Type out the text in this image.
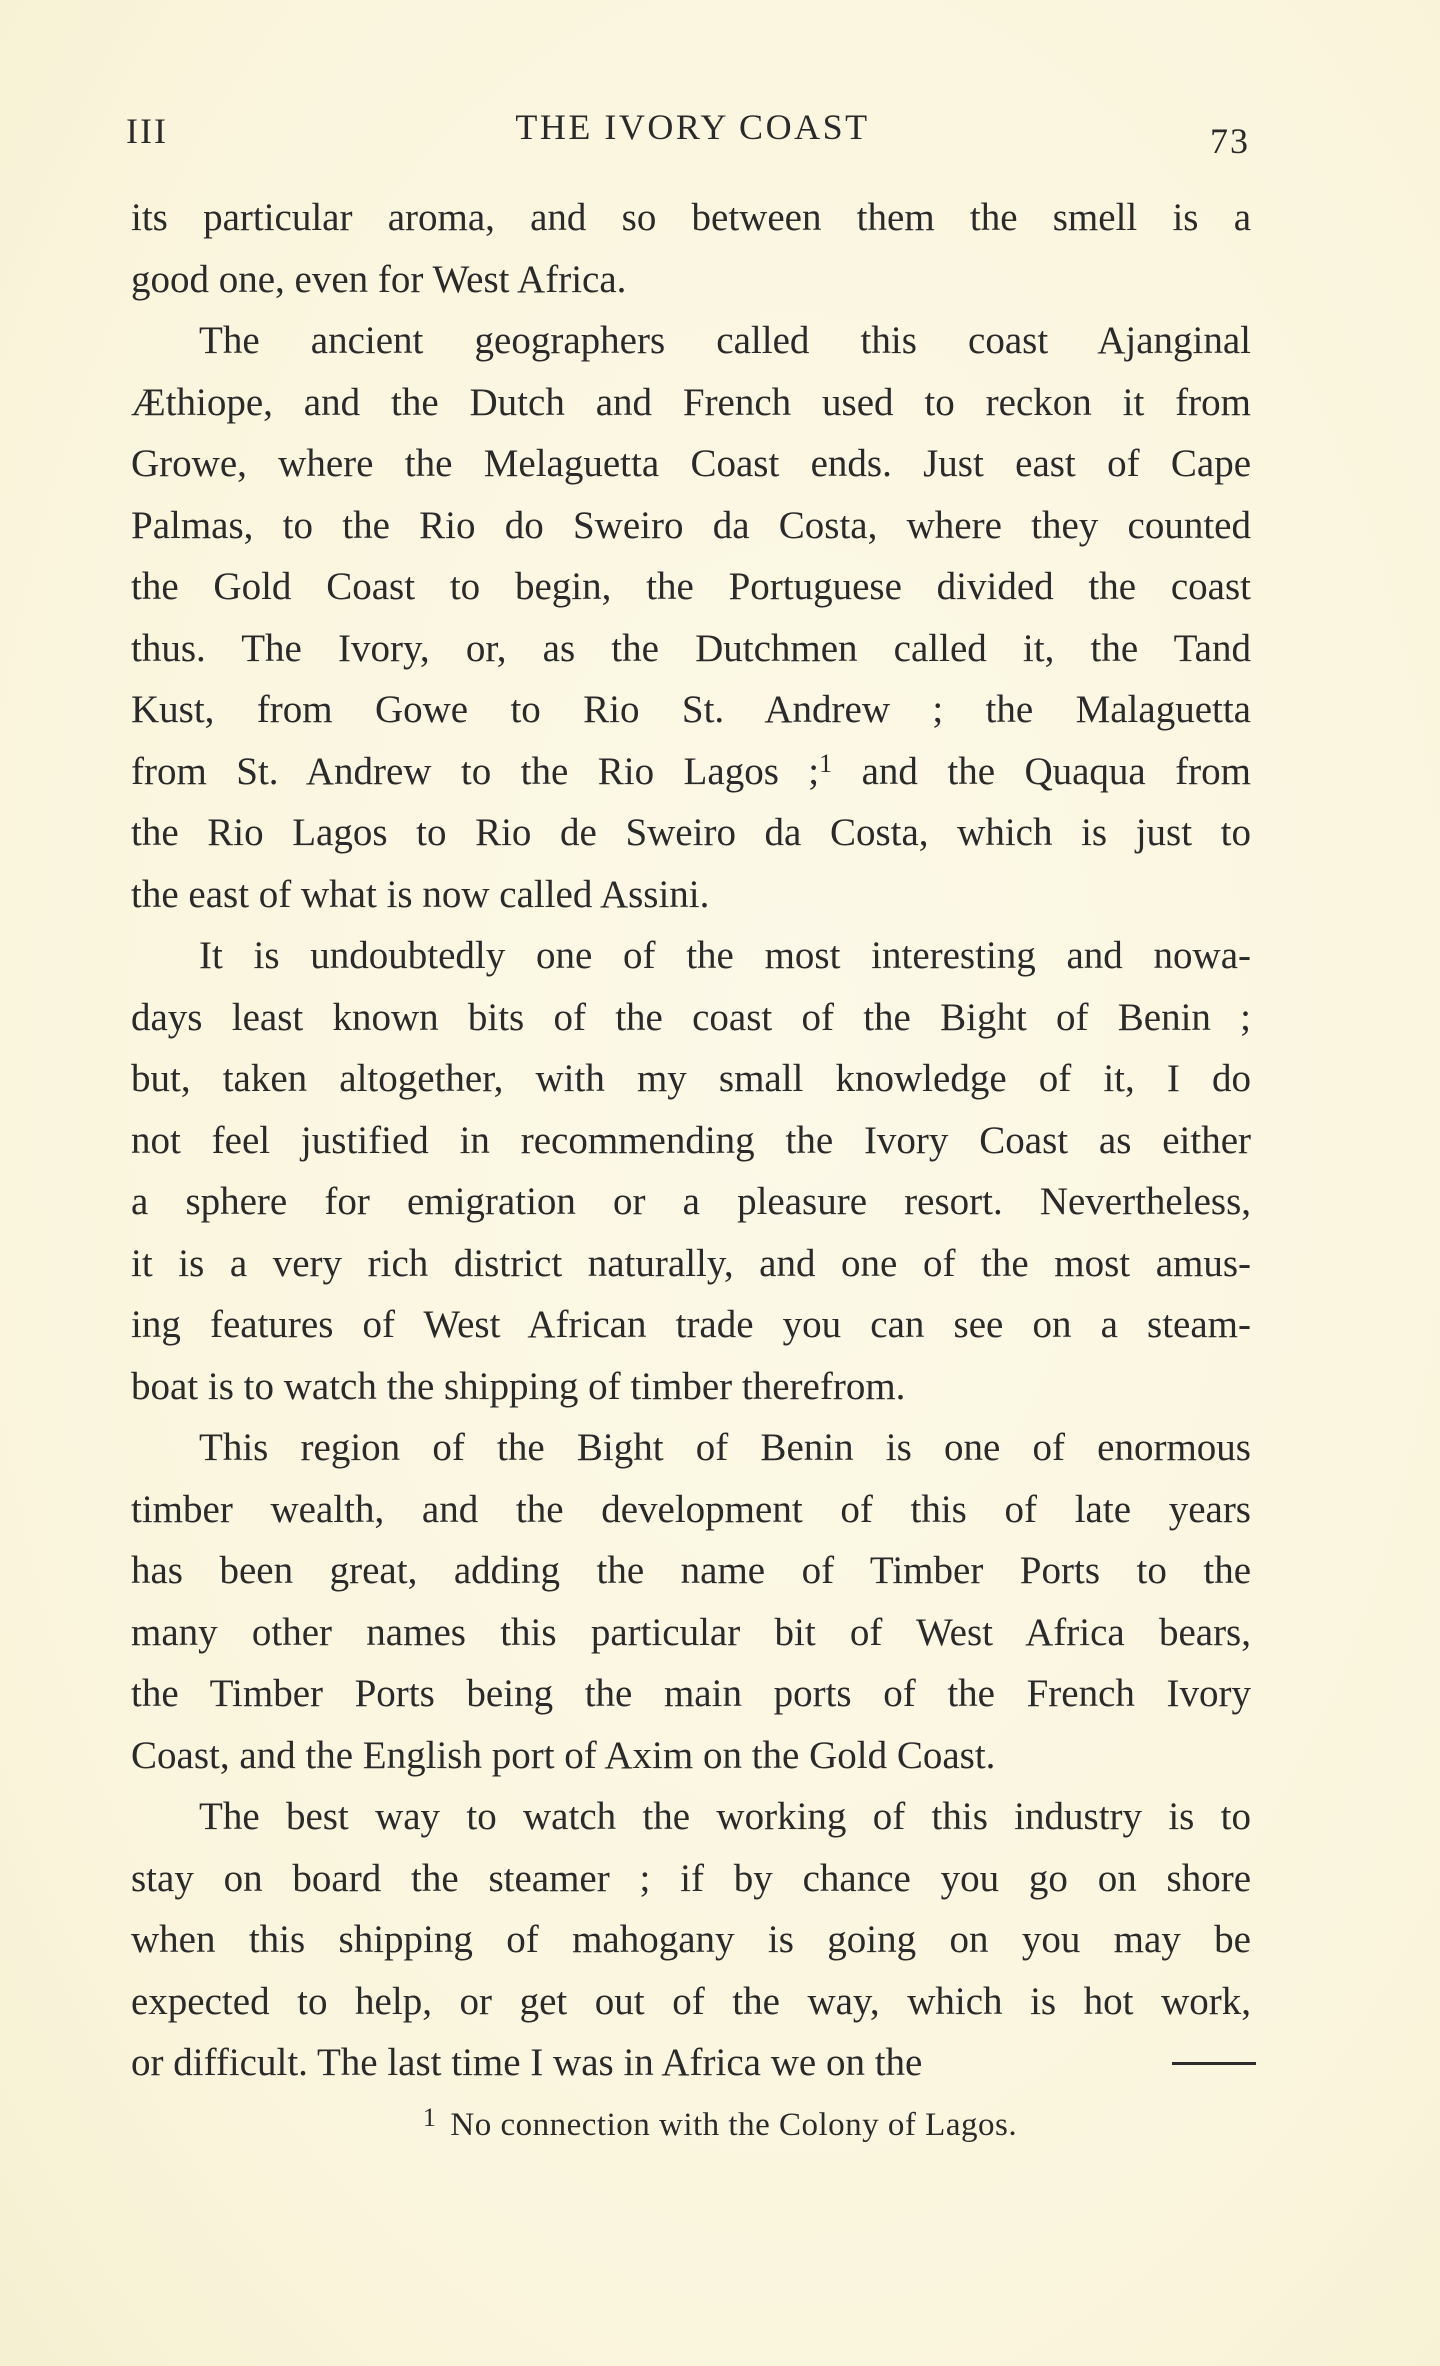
III	THE IVORY COAST	73
its particular aroma, and so between them the smell is a
good one, even for West Africa.
The ancient geographers called this coast Ajanginal
Æthiope, and the Dutch and French used to reckon it from
Growe, where the Melaguetta Coast ends. Just east of Cape
Palmas, to the Rio do Sweiro da Costa, where they counted
the Gold Coast to begin, the Portuguese divided the coast
thus. The Ivory, or, as the Dutchmen called it, the Tand
Kust, from Gowe to Rio St. Andrew ; the Malaguetta
from St. Andrew to the Rio Lagos ;$^1$ and the Quaqua from
the Rio Lagos to Rio de Sweiro da Costa, which is just to
the east of what is now called Assini.
It is undoubtedly one of the most interesting and nowa-
days least known bits of the coast of the Bight of Benin ;
but, taken altogether, with my small knowledge of it, I do
not feel justified in recommending the Ivory Coast as either
a sphere for emigration or a pleasure resort. Nevertheless,
it is a very rich district naturally, and one of the most amus-
ing features of West African trade you can see on a steam-
boat is to watch the shipping of timber therefrom.
This region of the Bight of Benin is one of enormous
timber wealth, and the development of this of late years
has been great, adding the name of Timber Ports to the
many other names this particular bit of West Africa bears,
the Timber Ports being the main ports of the French Ivory
Coast, and the English port of Axim on the Gold Coast.
The best way to watch the working of this industry is to
stay on board the steamer ; if by chance you go on shore
when this shipping of mahogany is going on you may be
expected to help, or get out of the way, which is hot work,
or difficult. The last time I was in Africa we on the
$^1$ No connection with the Colony of Lagos.
